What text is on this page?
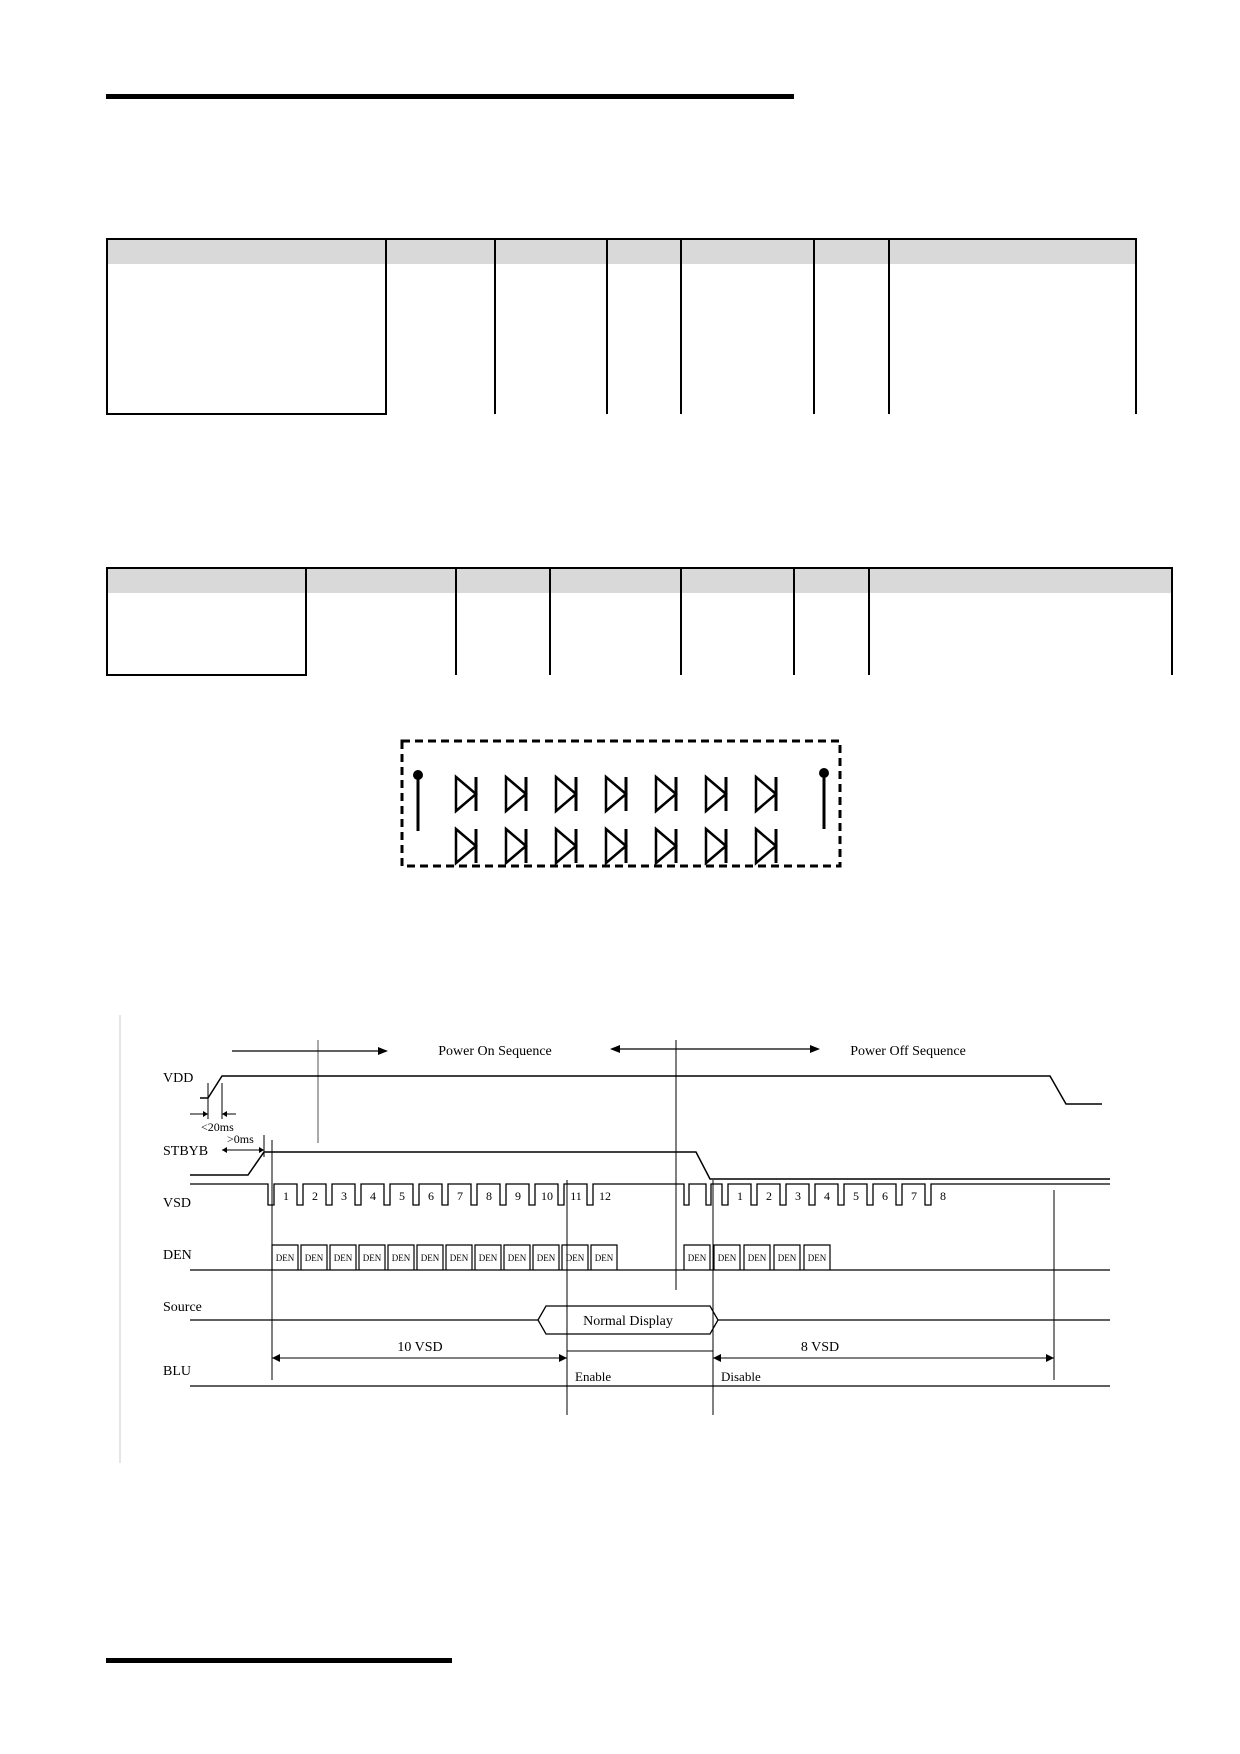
Power On Sequence	Power Off Sequence
VDD
STBYB
VSD
DEN
Source
BLU
<20ms
>0ms
1 2 3 4 5 6 7 8 9 10 11 12	1 2 3 4 5 6 7 8
DEN DEN DEN DEN DEN DEN DEN DEN DEN DEN DEN DEN	DEN DEN DEN DEN DEN
Normal Display
10 VSD	8 VSD
Enable	Disable
